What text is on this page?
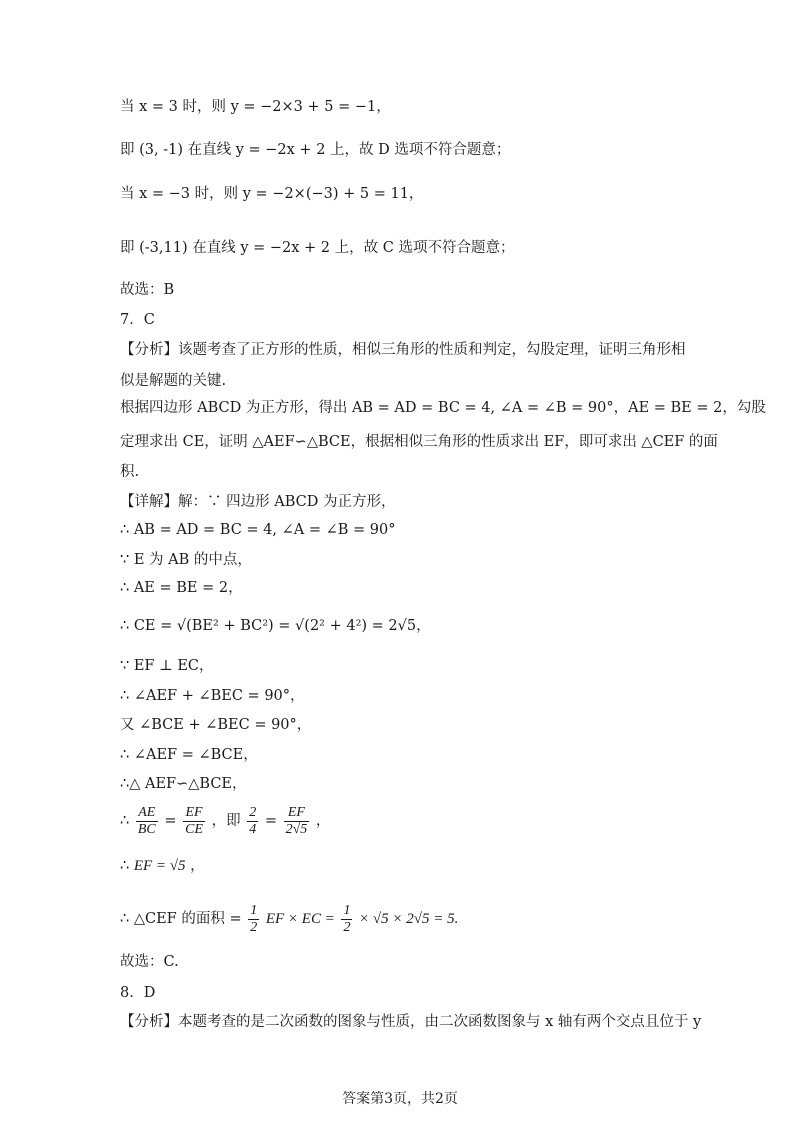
当 x = 3 时，则 y = −2×3 + 5 = −1，
即 (3, -1) 在直线 y = −2x + 2 上，故 D 选项不符合题意；
当 x = −3 时，则 y = −2×(−3) + 5 = 11，
即 (-3,11) 在直线 y = −2x + 2 上，故 C 选项不符合题意；
故选：B
7．C
【分析】该题考查了正方形的性质，相似三角形的性质和判定，勾股定理，证明三角形相
似是解题的关键.
根据四边形 ABCD 为正方形，得出 AB = AD = BC = 4, ∠A = ∠B = 90°，AE = BE = 2，勾股
定理求出 CE，证明 △AEF∽△BCE，根据相似三角形的性质求出 EF，即可求出 △CEF 的面
积.
【详解】解：∵ 四边形 ABCD 为正方形，
∴ AB = AD = BC = 4, ∠A = ∠B = 90°
∵ E 为 AB 的中点，
∴ AE = BE = 2，
∴ CE = √(BE² + BC²) = √(2² + 4²) = 2√5，
∵ EF ⊥ EC，
∴ ∠AEF + ∠BEC = 90°，
又 ∠BCE + ∠BEC = 90°，
∴ ∠AEF = ∠BCE，
∴△ AEF∽△BCE，
∴ $\frac{AE}{BC} = \frac{EF}{CE}$ ，即 $\frac{2}{4} = \frac{EF}{2√5}$ ，
∴ EF = √5 ，
∴ △CEF 的面积 = $\frac{1}{2}$ EF × EC = $\frac{1}{2} \times √5 \times 2√5 = 5$.
故选：C.
8．D
【分析】本题考查的是二次函数的图象与性质，由二次函数图象与 x 轴有两个交点且位于 y
答案第3页，共2页
